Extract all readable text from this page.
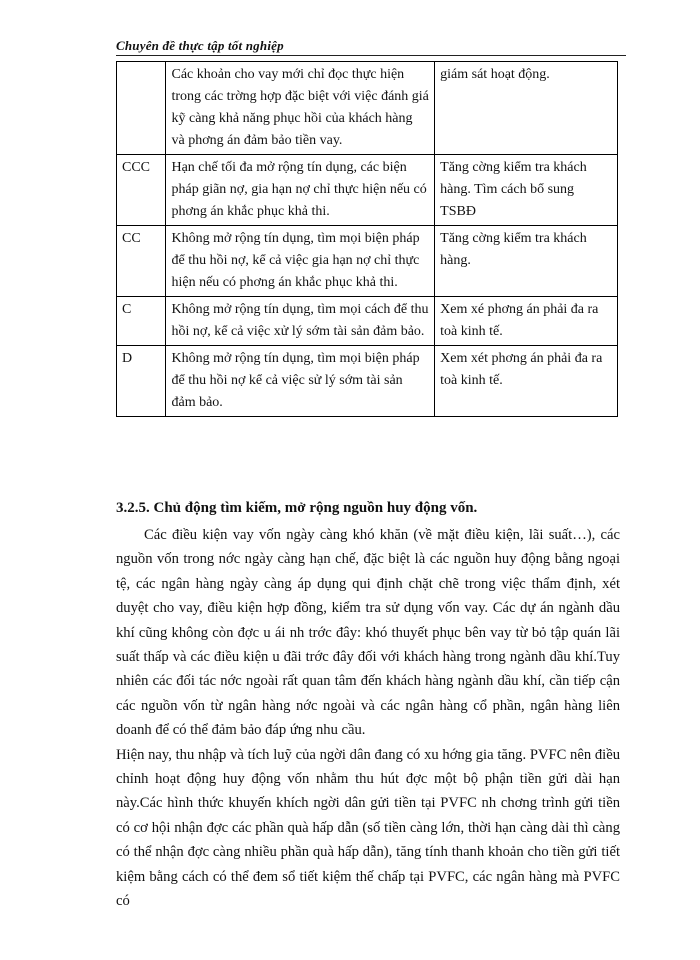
Chuyên đề thực tập tốt nghiệp
	Các khoản cho vay mới chỉ đọc thực hiện trong các trờng hợp đặc biệt với việc đánh giá kỹ càng khả năng phục hồi của khách hàng và phơng án đảm bảo tiền vay.	giám sát hoạt động.
CCC	Hạn chế tối đa mở rộng tín dụng, các biện pháp giãn nợ, gia hạn nợ chỉ thực hiện nếu có phơng án khắc phục khả thi.	Tăng cờng kiểm tra khách hàng. Tìm cách bổ sung TSBĐ
CC	Không mở rộng tín dụng, tìm mọi biện pháp để thu hồi nợ, kể cả việc gia hạn nợ chỉ thực hiện nếu có phơng án khắc phục khả thi.	Tăng cờng kiểm tra khách hàng.
C	Không mở rộng tín dụng, tìm mọi cách để thu hồi nợ, kể cả việc xử lý sớm tài sản đảm bảo.	Xem xé phơng án phải đa ra toà kinh tế.
D	Không mở rộng tín dụng, tìm mọi biện pháp để thu hồi nợ kể cả việc sử lý sớm tài sản đảm bảo.	Xem xét phơng án phải đa ra toà kinh tế.
3.2.5. Chủ động tìm kiếm, mở rộng nguồn huy động vốn.

Các điều kiện vay vốn ngày càng khó khăn (về mặt điều kiện, lãi suất…), các nguồn vốn trong nớc ngày càng hạn chế, đặc biệt là các nguồn huy động bằng ngoại tệ, các ngân hàng ngày càng áp dụng qui định chặt chẽ trong việc thẩm định, xét duyệt cho vay, điều kiện hợp đồng, kiểm tra sử dụng vốn vay. Các dự án ngành dầu khí cũng không còn đợc u ái nh trớc đây: khó thuyết phục bên vay từ bỏ tập quán lãi suất thấp và các điều kiện u đãi trớc đây đối với khách hàng trong ngành dầu khí.Tuy nhiên các đối tác nớc ngoài rất quan tâm đến khách hàng ngành dầu khí, cần tiếp cận các nguồn vốn từ ngân hàng nớc ngoài và các ngân hàng cổ phần, ngân hàng liên doanh để có thể đảm bảo đáp ứng nhu cầu.

Hiện nay, thu nhập và tích luỹ của ngời dân đang có xu hớng gia tăng. PVFC nên điều chỉnh hoạt động huy động vốn nhằm thu hút đợc một bộ phận tiền gửi dài hạn này.Các hình thức khuyến khích ngời dân gửi tiền tại PVFC nh chơng trình gửi tiền có cơ hội nhận đợc các phần quà hấp dẫn (số tiền càng lớn, thời hạn càng dài thì càng có thể nhận đợc càng nhiều phần quà hấp dẫn), tăng tính thanh khoản cho tiền gửi tiết kiệm bằng cách có thể đem sổ tiết kiệm thế chấp tại PVFC, các ngân hàng mà PVFC có
